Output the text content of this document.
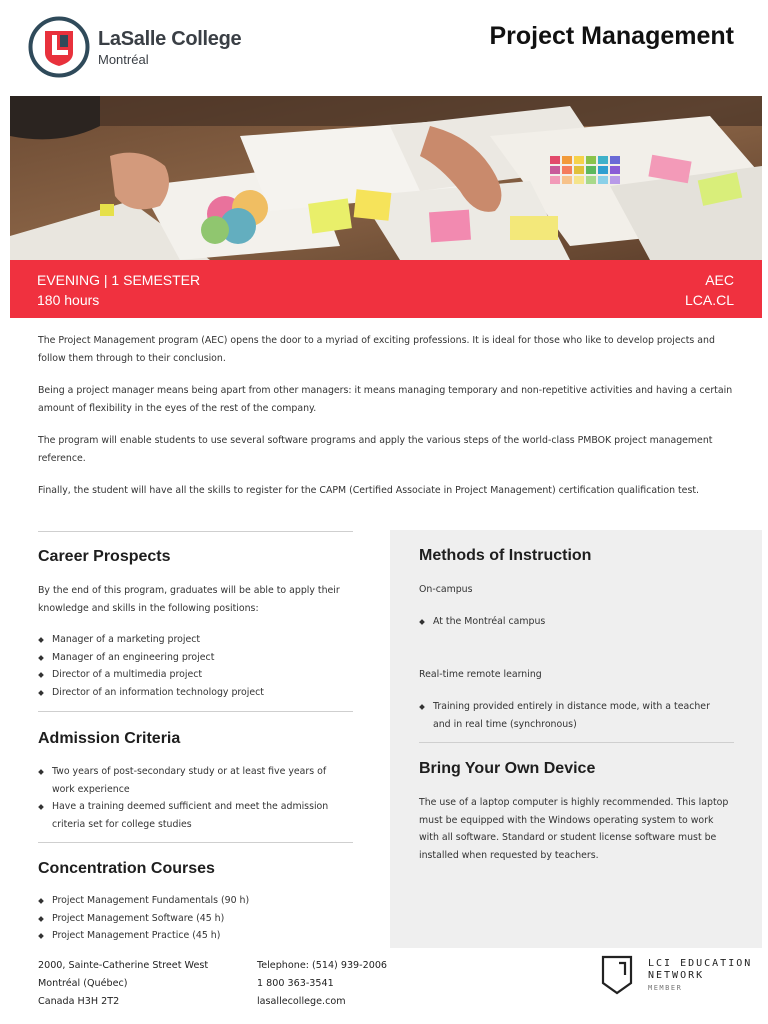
LaSalle College
Montréal
Project Management
EVENING | 1 SEMESTER
180 hours
AEC
LCA.CL

The Project Management program (AEC) opens the door to a myriad of exciting professions. It is ideal for those who like to develop projects and follow them through to their conclusion.

Being a project manager means being apart from other managers: it means managing temporary and non-repetitive activities and having a certain amount of flexibility in the eyes of the rest of the company.

The program will enable students to use several software programs and apply the various steps of the world-class PMBOK project management reference.

Finally, the student will have all the skills to register for the CAPM (Certified Associate in Project Management) certification qualification test.

Career Prospects
By the end of this program, graduates will be able to apply their knowledge and skills in the following positions:
Manager of a marketing project
Manager of an engineering project
Director of a multimedia project
Director of an information technology project
Admission Criteria
Two years of post-secondary study or at least five years of work experience
Have a training deemed sufficient and meet the admission criteria set for college studies
Concentration Courses
Project Management Fundamentals (90 h)
Project Management Software (45 h)
Project Management Practice (45 h)
Methods of Instruction
On-campus
At the Montréal campus
Real-time remote learning
Training provided entirely in distance mode, with a teacher and in real time (synchronous)
Bring Your Own Device
The use of a laptop computer is highly recommended. This laptop must be equipped with the Windows operating system to work with all software. Standard or student license software must be installed when requested by teachers.
2000, Sainte-Catherine Street West
Montréal (Québec)
Canada H3H 2T2
Telephone: (514) 939-2006
1 800 363-3541
lasallecollege.com
LCI EDUCATION
NETWORK
MEMBER
